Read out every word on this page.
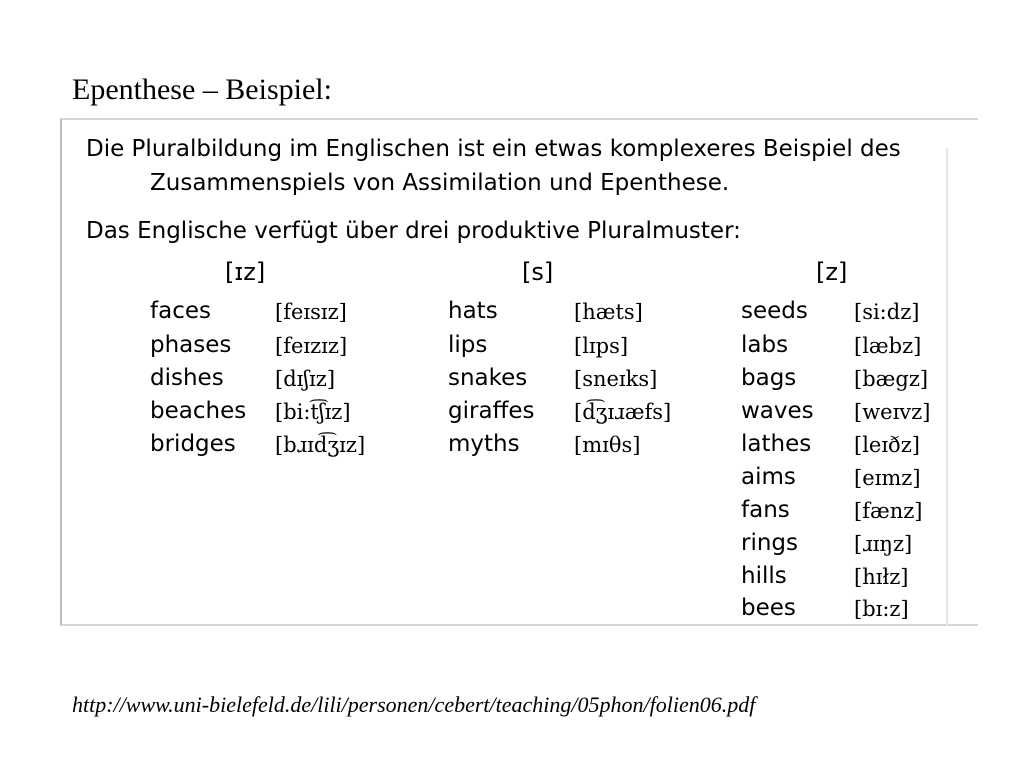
Epenthese – Beispiel:
Die Pluralbildung im Englischen ist ein etwas komplexeres Beispiel des
Zusammenspiels von Assimilation und Epenthese.
Das Englische verfügt über drei produktive Pluralmuster:
[ɪz]	[s]	[z]
faces	[feɪsɪz]
phases [feɪzɪz]
dishes [dɪʃɪz]
beaches [bi:t͡ʃɪz]
bridges [bɹɪd͡ʒɪz]
hats	[hæts]
lips	[lɪps]
snakes [sneɪks]
giraffes [d͡ʒɪɹæfs]
myths	[mɪθs]
seeds [si:dz]
labs	[læbz]
bags	[bægz]
waves [weɪvz]
lathes [leɪðz]
aims	[eɪmz]
fans	[fænz]
rings	[ɹɪŋz]
hills	[hɪłz]
bees	[bɪ:z]
http://www.uni-bielefeld.de/lili/personen/cebert/teaching/05phon/folien06.pdf
